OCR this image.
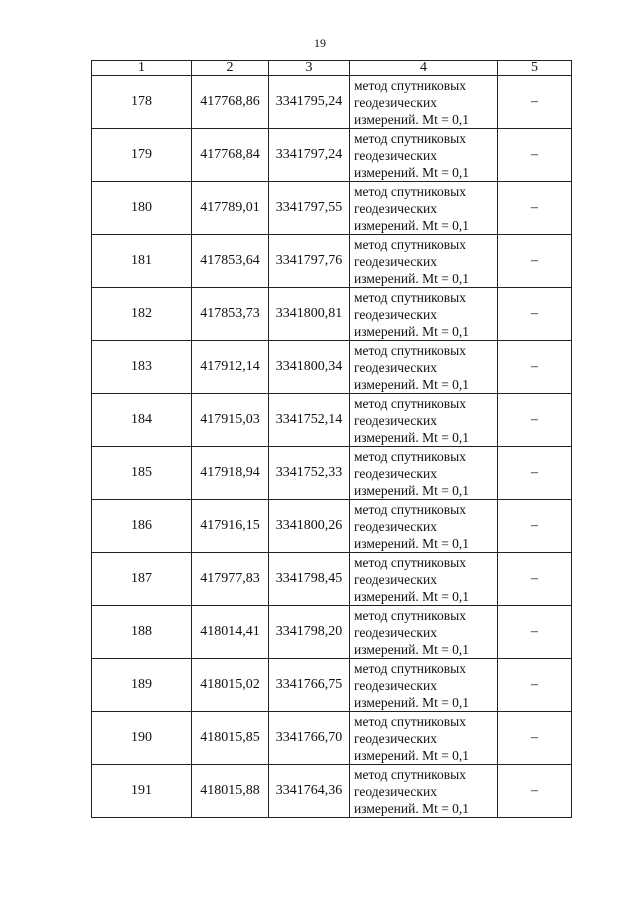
19
1	2	3	4	5

178	417768,86	3341795,24	метод спутниковых
геодезических
измерений. Mt = 0,1	–

179	417768,84	3341797,24	метод спутниковых
геодезических
измерений. Mt = 0,1	–

180	417789,01	3341797,55	метод спутниковых
геодезических
измерений. Mt = 0,1	–

181	417853,64	3341797,76	метод спутниковых
геодезических
измерений. Mt = 0,1	–

182	417853,73	3341800,81	метод спутниковых
геодезических
измерений. Mt = 0,1	–

183	417912,14	3341800,34	метод спутниковых
геодезических
измерений. Mt = 0,1	–

184	417915,03	3341752,14	метод спутниковых
геодезических
измерений. Mt = 0,1	–

185	417918,94	3341752,33	метод спутниковых
геодезических
измерений. Mt = 0,1	–

186	417916,15	3341800,26	метод спутниковых
геодезических
измерений. Mt = 0,1	–

187	417977,83	3341798,45	метод спутниковых
геодезических
измерений. Mt = 0,1	–

188	418014,41	3341798,20	метод спутниковых
геодезических
измерений. Mt = 0,1	–

189	418015,02	3341766,75	метод спутниковых
геодезических
измерений. Mt = 0,1	–

190	418015,85	3341766,70	метод спутниковых
геодезических
измерений. Mt = 0,1	–

191	418015,88	3341764,36	метод спутниковых
геодезических
измерений. Mt = 0,1	–
